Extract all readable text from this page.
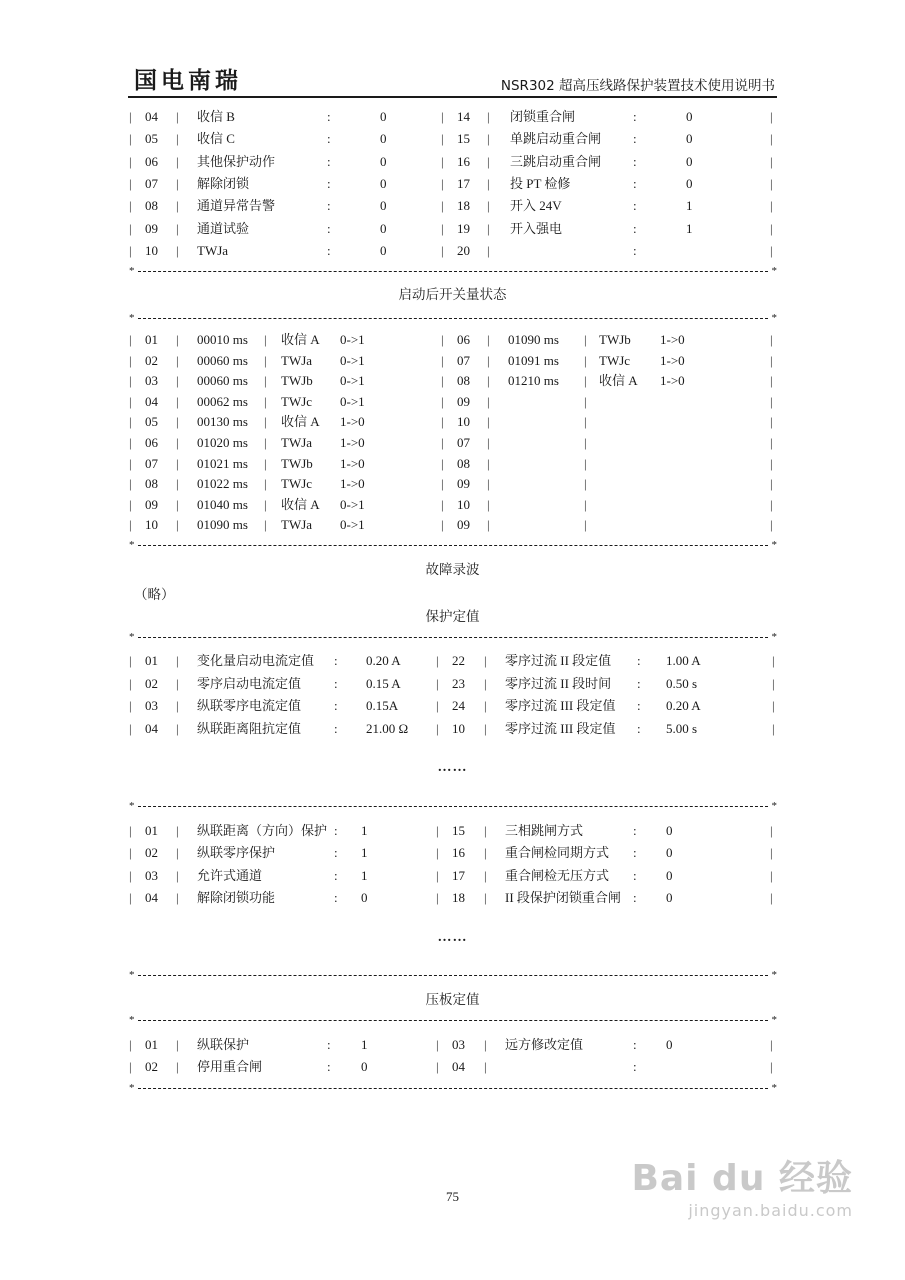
国电南瑞	NSR302 超高压线路保护装置技术使用说明书
|	|	|	|	|
04	收信 B	:	0	14	闭锁重合闸	:	0
|	|	|	|	|
05	收信 C	:	0	15	单跳启动重合闸 :	0
|	|	|	|	|
06	其他保护动作	:	0	16	三跳启动重合闸 :	0
|	|	|	|	|
07	解除闭锁	:	0	17	投 PT 检修	:	0
|	|	|	|	|
08	通道异常告警	:	0	18	开入 24V	:	1
|	|	|	|	|
09	通道试验	:	0	19	开入强电	:	1
|	|	|	|	|
10	TWJa	:	0	20	:
*
*
启动后开关量状态
*
*
|	|	|	|	|	|	|
01	00010 ms	收信 A 0->1	06	01090 ms	TWJb 1->0
|	|	|	|	|	|	|
02	00060 ms	TWJa 0->1	07	01091 ms	TWJc 1->0
|	|	|	|	|	|	|
03	00060 ms	TWJb 0->1	08	01210 ms	收信 A 1->0
|	|	|	|	|	|	|
04	00062 ms	TWJc 0->1	09
|	|	|	|	|	|	|
05	00130 ms	收信 A 1->0	10
|	|	|	|	|	|	|
06	01020 ms	TWJa 1->0	07
|	|	|	|	|	|	|
07	01021 ms	TWJb 1->0	08
|	|	|	|	|	|	|
08	01022 ms	TWJc 1->0	09
|	|	|	|	|	|	|
09	01040 ms	收信 A 0->1	10
|	|	|	|	|	|	|
10	01090 ms	TWJa 0->1	09
*
*
故障录波
（略）
保护定值
*
*
|	|	|	|	|
01	变化量启动电流定值 : 0.20 A	22	零序过流 II 段定值 : 1.00 A
|	|	|	|	|
02	零序启动电流定值	: 0.15 A	23	零序过流 II 段时间 : 0.50 s
|	|	|	|	|
03	纵联零序电流定值	: 0.15A	24	零序过流 III 段定值 : 0.20 A
|	|	|	|	|
04	纵联距离阻抗定值	: 21.00 Ω	10	零序过流 III 段定值 : 5.00 s
……
*
*
|	|	|	|	|
01	纵联距离（方向）保护 : 1	15	三相跳闸方式	: 0
|	|	|	|	|
02	纵联零序保护	: 1	16	重合闸检同期方式 : 0
|	|	|	|	|
03	允许式通道	: 1	17	重合闸检无压方式 : 0
|	|	|	|	|
04	解除闭锁功能	: 0	18	II 段保护闭锁重合闸 : 0
……
*
*
压板定值
*
*
|	|	|	|	|
01	纵联保护	: 1	03	远方修改定值	: 0
|	|	|	|	|
02	停用重合闸	: 0	04	:
*
*
75	Bai du 经验
jingyan.baidu.com
